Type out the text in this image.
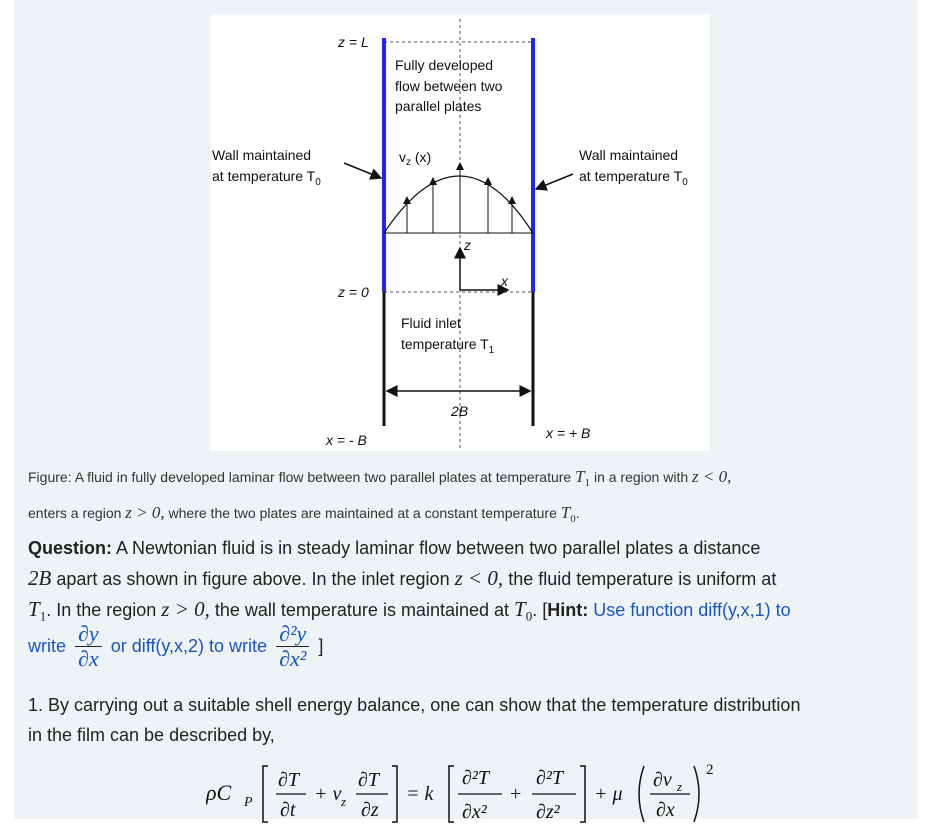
z = L
z = 0
Fully developed
flow between two
parallel plates
Wall maintained
at temperature $T_0$
Wall maintained
at temperature $T_0$
$v_z$ (x)
z
x
Fluid inlet
temperature $T_1$
2B
x = - B	x = + B
Figure: A fluid in fully developed laminar flow between two parallel plates at temperature $T_1$ in a region with z < 0,
enters a region z > 0, where the two plates are maintained at a constant temperature $T_0$.
Question: A Newtonian fluid is in steady laminar flow between two parallel plates a distance
2B apart as shown in figure above. In the inlet region z < 0, the fluid temperature is uniform at
$T_1$. In the region z > 0, the wall temperature is maintained at $T_0$. [Hint: Use function diff(y,x,1) to
write $\frac{\partial y}{\partial x}$ or diff(y,x,2) to write $\frac{\text{∂²y}}{\text{∂x²}}$ ]
1. By carrying out a suitable shell energy balance, one can show that the temperature distribution
in the film can be described by,
ρC P
∂T
∂t
+ v z
∂T
∂z
= k
∂²T
∂x²
+
∂²T
∂z²
+ μ
∂v z
∂x
2
